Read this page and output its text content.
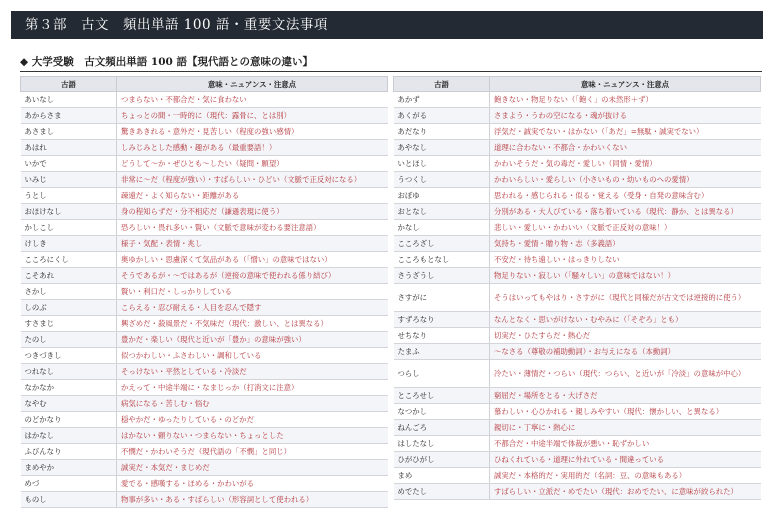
第３部　古文　頻出単語 100 語・重要文法事項
◆ 大学受験　古文頻出単語 100 語【現代語との意味の違い】
古語	意味・ニュアンス・注意点
あいなし	つまらない・不都合だ・気に食わない
あからさま	ちょっとの間・一時的に（現代：露骨に、とは別）
あさまし	驚きあきれる・意外だ・見苦しい（程度の強い感情）
あはれ	しみじみとした感動・趣がある（最重要語！）
いかで	どうして〜か・ぜひとも〜したい（疑問・願望）
いみじ	非常に〜だ（程度が強い）・すばらしい・ひどい（文脈で正反対になる）
うとし	疎遠だ・よく知らない・距離がある
おほけなし	身の程知らずだ・分不相応だ（謙遜表現に使う）
かしこし	恐ろしい・畏れ多い・賢い（文脈で意味が変わる要注意語）
けしき	様子・気配・表情・兆し
こころにくし	奥ゆかしい・思慮深くて気品がある（「憎い」の意味ではない）
こそあれ	そうであるが・〜ではあるが（逆接の意味で使われる係り結び）
さかし	賢い・利口だ・しっかりしている
しのぶ	こらえる・忍び耐える・人目を忍んで隠す
すさまじ	興ざめだ・殺風景だ・不気味だ（現代：激しい、とは異なる）
たのし	豊かだ・楽しい（現代と近いが「豊か」の意味が強い）
つきづきし	似つかわしい・ふさわしい・調和している
つれなし	そっけない・平然としている・冷淡だ
なかなか	かえって・中途半端に・なまじっか（打消文に注意）
なやむ	病気になる・苦しむ・悩む
のどかなり	穏やかだ・ゆったりしている・のどかだ
はかなし	はかない・頼りない・つまらない・ちょっとした
ふびんなり	不憫だ・かわいそうだ（現代語の「不憫」と同じ）
まめやか	誠実だ・本気だ・まじめだ
めづ	愛でる・感嘆する・ほめる・かわいがる
ものし	物事が多い・ある・すばらしい（形容詞として使われる）
古語	意味・ニュアンス・注意点
あかず	飽きない・物足りない（「飽く」の未然形＋ず）
あくがる	さまよう・うわの空になる・魂が抜ける
あだなり	浮気だ・誠実でない・はかない（「あだ」=無駄・誠実でない）
あやなし	道理に合わない・不都合・かわいくない
いとほし	かわいそうだ・気の毒だ・愛しい（同情・愛情）
うつくし	かわいらしい・愛らしい（小さいもの・幼いものへの愛情）
おぼゆ	思われる・感じられる・似る・覚える（受身・自発の意味含む）
おとなし	分別がある・大人びている・落ち着いている（現代：静か、とは異なる）
かなし	悲しい・愛しい・かわいい（文脈で正反対の意味！）
こころざし	気持ち・愛情・贈り物・志（多義語）
こころもとなし	不安だ・待ち遠しい・はっきりしない
さうざうし	物足りない・寂しい（「騒々しい」の意味ではない！）
さすがに	そうはいってもやはり・さすがに（現代と同様だが古文では逆接的に使う）
すずろなり	なんとなく・思いがけない・むやみに（「そぞろ」とも）
せちなり	切実だ・ひたすらだ・熱心だ
たまふ	〜なさる（尊敬の補助動詞）・お与えになる（本動詞）
つらし	冷たい・薄情だ・つらい（現代：つらい、と近いが「冷淡」の意味が中心）
ところせし	窮屈だ・場所をとる・大げさだ
なつかし	慕わしい・心ひかれる・親しみやすい（現代：懐かしい、と異なる）
ねんごろ	親切に・丁寧に・熱心に
はしたなし	不都合だ・中途半端で体裁が悪い・恥ずかしい
ひがひがし	ひねくれている・道理に外れている・間違っている
まめ	誠実だ・本格的だ・実用的だ（名詞：豆、の意味もある）
めでたし	すばらしい・立派だ・めでたい（現代：おめでたい、に意味が絞られた）
